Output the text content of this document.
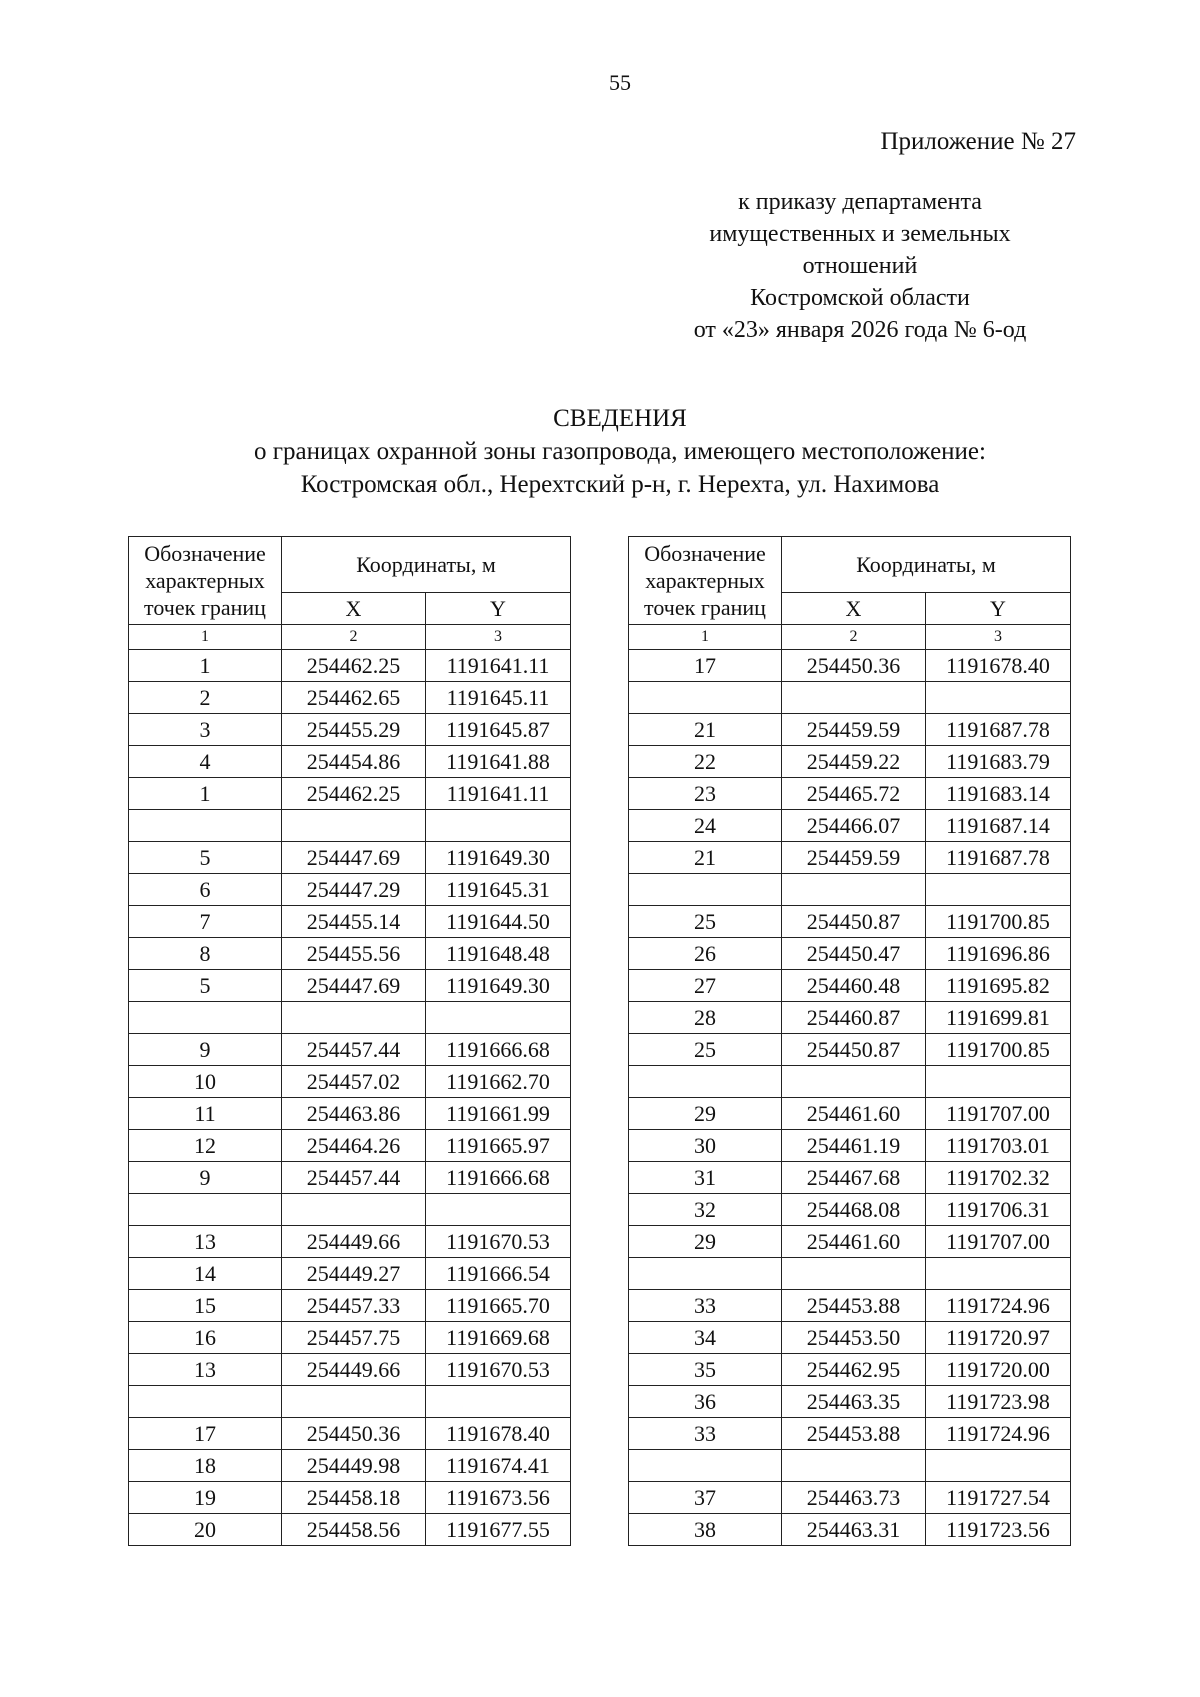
55
Приложение № 27
к приказу департамента
имущественных и земельных
отношений
Костромской области
от «23» января 2026 года № 6-од
СВЕДЕНИЯ
о границах охранной зоны газопровода, имеющего местоположение:
Костромская обл., Нерехтский р-н, г. Нерехта, ул. Нахимова
Обозначение
характерных
точек границ	Координаты, м	
	X	Y
1	2	3
1	254462.25	1191641.11
2	254462.65	1191645.11
3	254455.29	1191645.87
4	254454.86	1191641.88
1	254462.25	1191641.11

5	254447.69	1191649.30
6	254447.29	1191645.31
7	254455.14	1191644.50
8	254455.56	1191648.48
5	254447.69	1191649.30

9	254457.44	1191666.68
10	254457.02	1191662.70
11	254463.86	1191661.99
12	254464.26	1191665.97
9	254457.44	1191666.68

13	254449.66	1191670.53
14	254449.27	1191666.54
15	254457.33	1191665.70
16	254457.75	1191669.68
13	254449.66	1191670.53

17	254450.36	1191678.40
18	254449.98	1191674.41
19	254458.18	1191673.56
20	254458.56	1191677.55
Обозначение
характерных
точек границ	Координаты, м	
	X	Y
1	2	3
17	254450.36	1191678.40

21	254459.59	1191687.78
22	254459.22	1191683.79
23	254465.72	1191683.14
24	254466.07	1191687.14
21	254459.59	1191687.78

25	254450.87	1191700.85
26	254450.47	1191696.86
27	254460.48	1191695.82
28	254460.87	1191699.81
25	254450.87	1191700.85

29	254461.60	1191707.00
30	254461.19	1191703.01
31	254467.68	1191702.32
32	254468.08	1191706.31
29	254461.60	1191707.00

33	254453.88	1191724.96
34	254453.50	1191720.97
35	254462.95	1191720.00
36	254463.35	1191723.98
33	254453.88	1191724.96

37	254463.73	1191727.54
38	254463.31	1191723.56
